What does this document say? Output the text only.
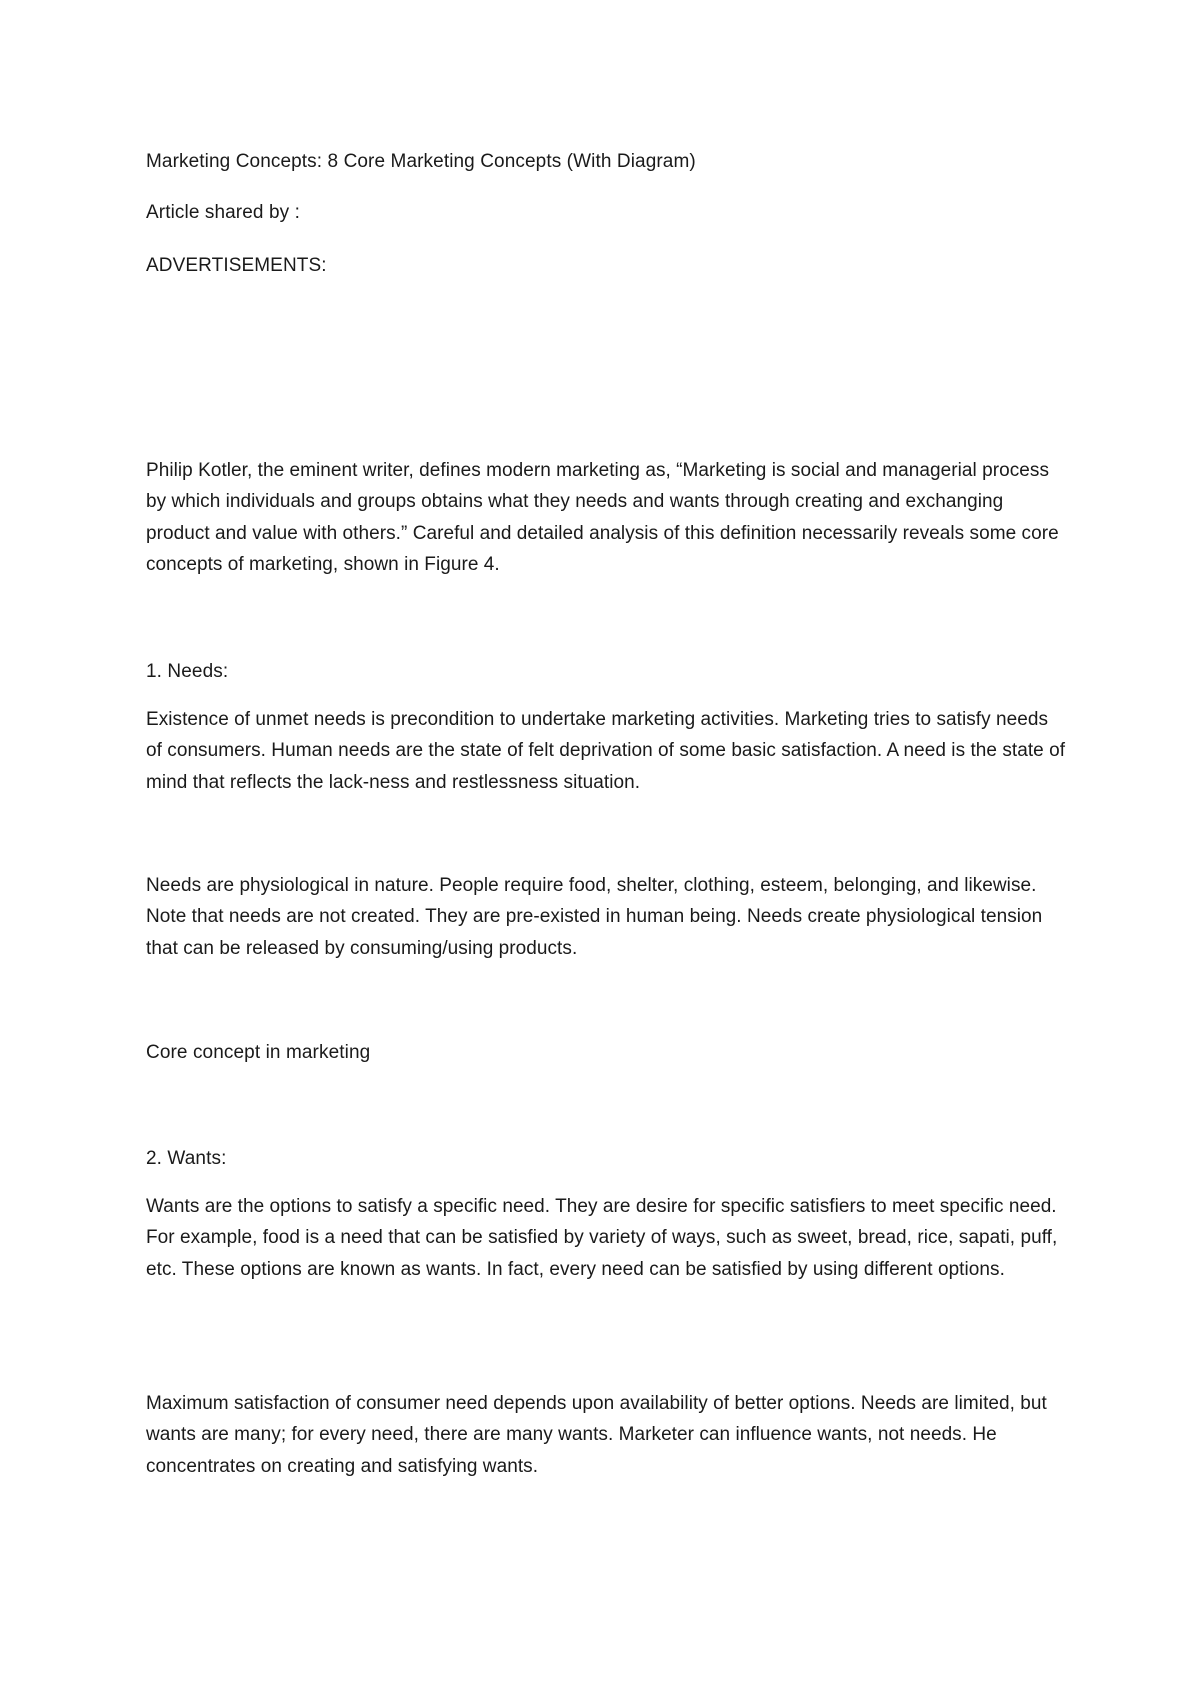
Marketing Concepts: 8 Core Marketing Concepts (With Diagram)
Article shared by :
ADVERTISEMENTS:
Philip Kotler, the eminent writer, defines modern marketing as, “Marketing is social and managerial process by which individuals and groups obtains what they needs and wants through creating and exchanging product and value with others.” Careful and detailed analysis of this definition necessarily reveals some core concepts of marketing, shown in Figure 4.
1. Needs:
Existence of unmet needs is precondition to undertake marketing activities. Marketing tries to satisfy needs of consumers. Human needs are the state of felt deprivation of some basic satisfaction. A need is the state of mind that reflects the lack-ness and restlessness situation.
Needs are physiological in nature. People require food, shelter, clothing, esteem, belonging, and likewise. Note that needs are not created. They are pre-existed in human being. Needs create physiological tension that can be released by consuming/using products.
Core concept in marketing
2. Wants:
Wants are the options to satisfy a specific need. They are desire for specific satisfiers to meet specific need. For example, food is a need that can be satisfied by variety of ways, such as sweet, bread, rice, sapati, puff, etc. These options are known as wants. In fact, every need can be satisfied by using different options.
Maximum satisfaction of consumer need depends upon availability of better options. Needs are limited, but wants are many; for every need, there are many wants. Marketer can influence wants, not needs. He concentrates on creating and satisfying wants.
